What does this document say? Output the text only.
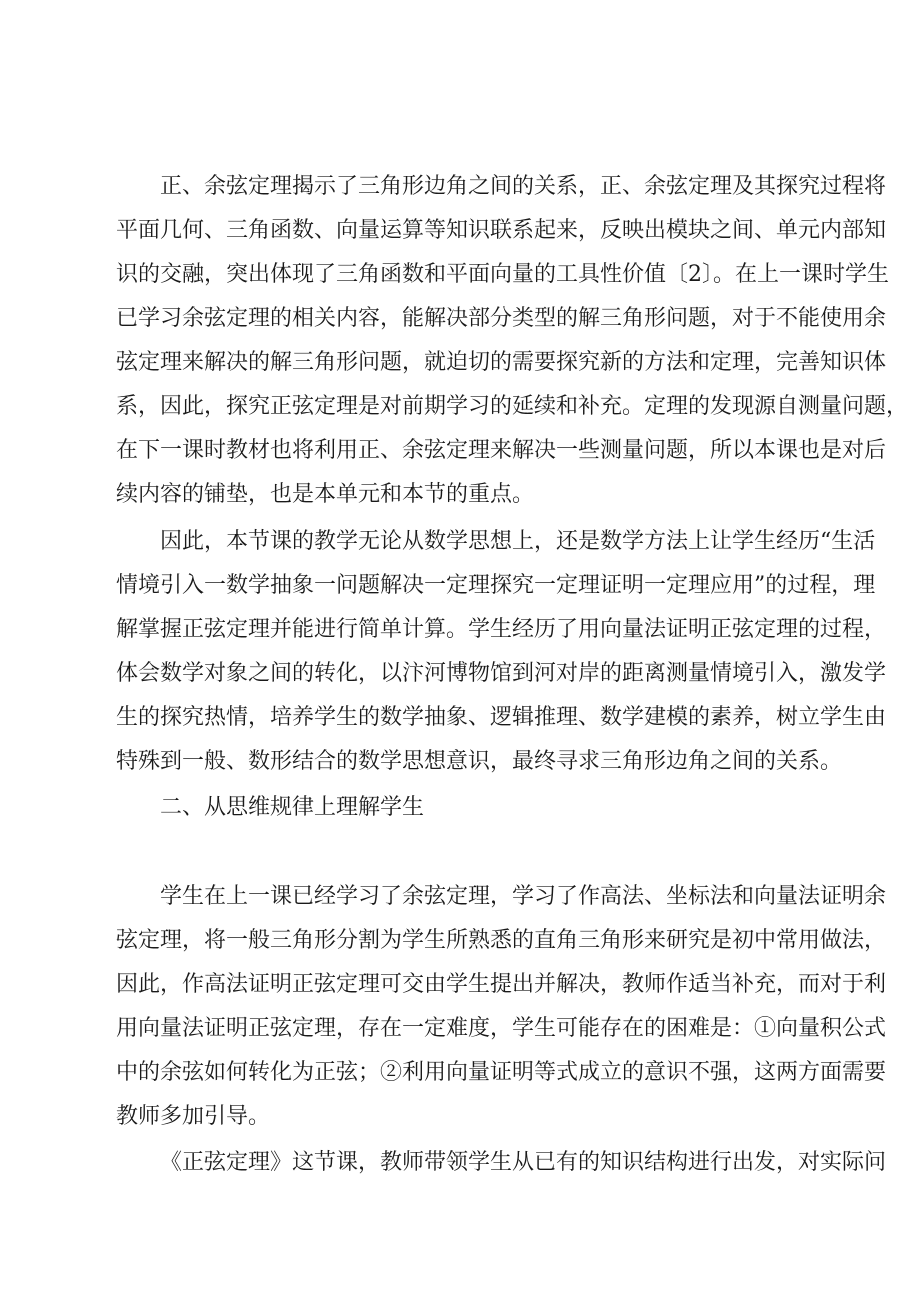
正、余弦定理揭示了三角形边角之间的关系，正、余弦定理及其探究过程将
平面几何、三角函数、向量运算等知识联系起来，反映出模块之间、单元内部知
识的交融，突出体现了三角函数和平面向量的工具性价值〔2〕。在上一课时学生
已学习余弦定理的相关内容，能解决部分类型的解三角形问题，对于不能使用余
弦定理来解决的解三角形问题，就迫切的需要探究新的方法和定理，完善知识体
系，因此，探究正弦定理是对前期学习的延续和补充。定理的发现源自测量问题，
在下一课时教材也将利用正、余弦定理来解决一些测量问题，所以本课也是对后
续内容的铺垫，也是本单元和本节的重点。
因此，本节课的教学无论从数学思想上，还是数学方法上让学生经历“生活
情境引入一数学抽象一问题解决一定理探究一定理证明一定理应用”的过程，理
解掌握正弦定理并能进行简单计算。学生经历了用向量法证明正弦定理的过程，
体会数学对象之间的转化，以汴河博物馆到河对岸的距离测量情境引入，激发学
生的探究热情，培养学生的数学抽象、逻辑推理、数学建模的素养，树立学生由
特殊到一般、数形结合的数学思想意识，最终寻求三角形边角之间的关系。
二、从思维规律上理解学生
学生在上一课已经学习了余弦定理，学习了作高法、坐标法和向量法证明余
弦定理，将一般三角形分割为学生所熟悉的直角三角形来研究是初中常用做法，
因此，作高法证明正弦定理可交由学生提出并解决，教师作适当补充，而对于利
用向量法证明正弦定理，存在一定难度，学生可能存在的困难是：①向量积公式
中的余弦如何转化为正弦；②利用向量证明等式成立的意识不强，这两方面需要
教师多加引导。
《正弦定理》这节课，教师带领学生从已有的知识结构进行出发，对实际问
